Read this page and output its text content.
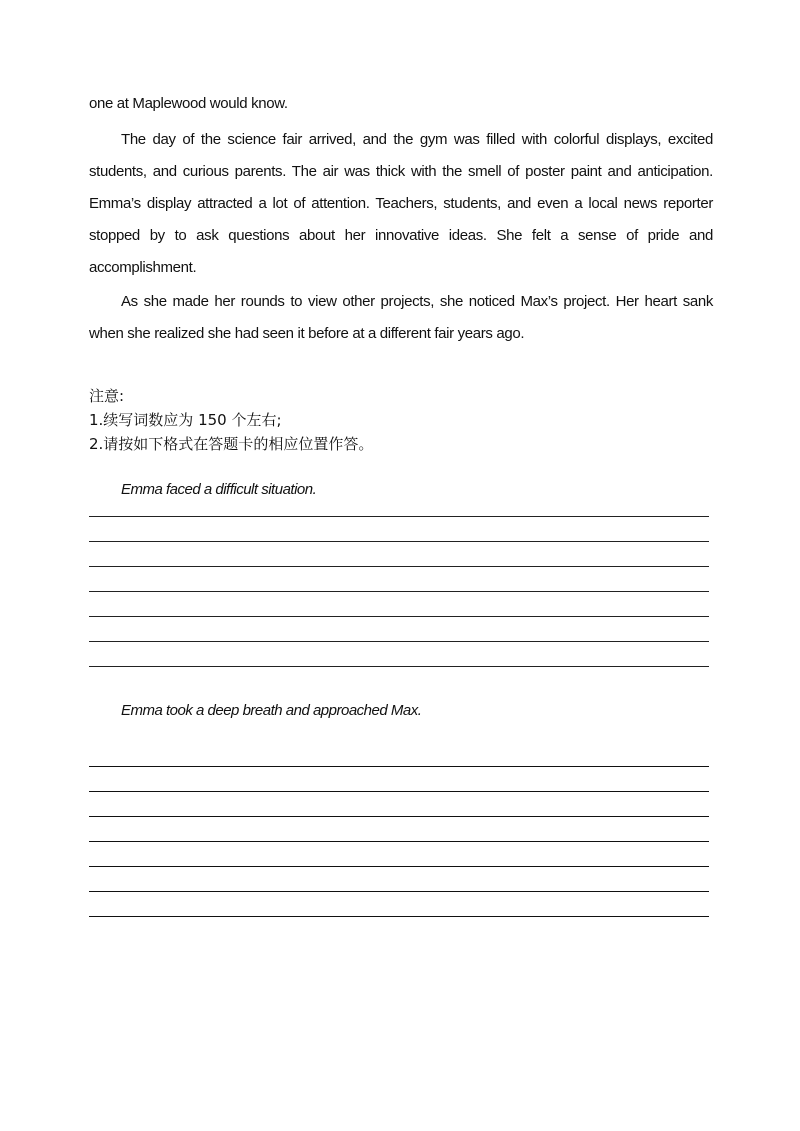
one at Maplewood would know.

The day of the science fair arrived, and the gym was filled with colorful displays, excited students, and curious parents. The air was thick with the smell of poster paint and anticipation. Emma’s display attracted a lot of attention. Teachers, students, and even a local news reporter stopped by to ask questions about her innovative ideas. She felt a sense of pride and accomplishment.

As she made her rounds to view other projects, she noticed Max’s project. Her heart sank when she realized she had seen it before at a different fair years ago.

注意:
1.续写词数应为 150 个左右;
2.请按如下格式在答题卡的相应位置作答。

Emma faced a difficult situation.

Emma took a deep breath and approached Max.
